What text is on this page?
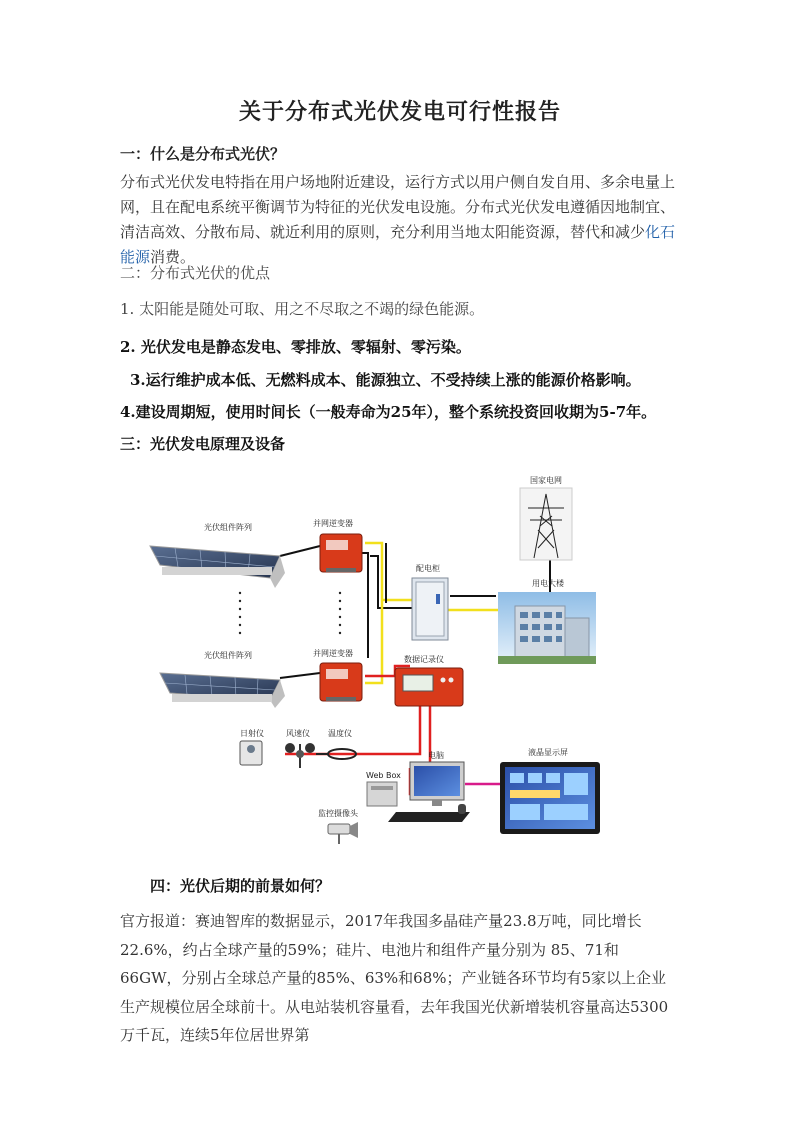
关于分布式光伏发电可行性报告
一：什么是分布式光伏？
分布式光伏发电特指在用户场地附近建设，运行方式以用户侧自发自用、多余电量上网，且在配电系统平衡调节为特征的光伏发电设施。分布式光伏发电遵循因地制宜、清洁高效、分散布局、就近利用的原则，充分利用当地太阳能资源，替代和减少化石能源消费。
二：分布式光伏的优点
1. 太阳能是随处可取、用之不尽取之不竭的绿色能源。
2. 光伏发电是静态发电、零排放、零辐射、零污染。
3.运行维护成本低、无燃料成本、能源独立、不受持续上涨的能源价格影响。
4.建设周期短，使用时间长（一般寿命为25年），整个系统投资回收期为5-7年。
三：光伏发电原理及设备
光伏组件阵列	并网逆变器
光伏组件阵列	并网逆变器
配电柜
国家电网
用电大楼
数据记录仪
日射仪	风速仪 温度仪
电脑
Web Box
监控摄像头
液晶显示屏
四：光伏后期的前景如何？
官方报道：赛迪智库的数据显示，2017年我国多晶硅产量23.8万吨，同比增长22.6%，约占全球产量的59%；硅片、电池片和组件产量分别为 85、71和66GW，分别占全球总产量的85%、63%和68%；产业链各环节均有5家以上企业生产规模位居全球前十。从电站装机容量看，去年我国光伏新增装机容量高达5300万千瓦，连续5年位居世界第
